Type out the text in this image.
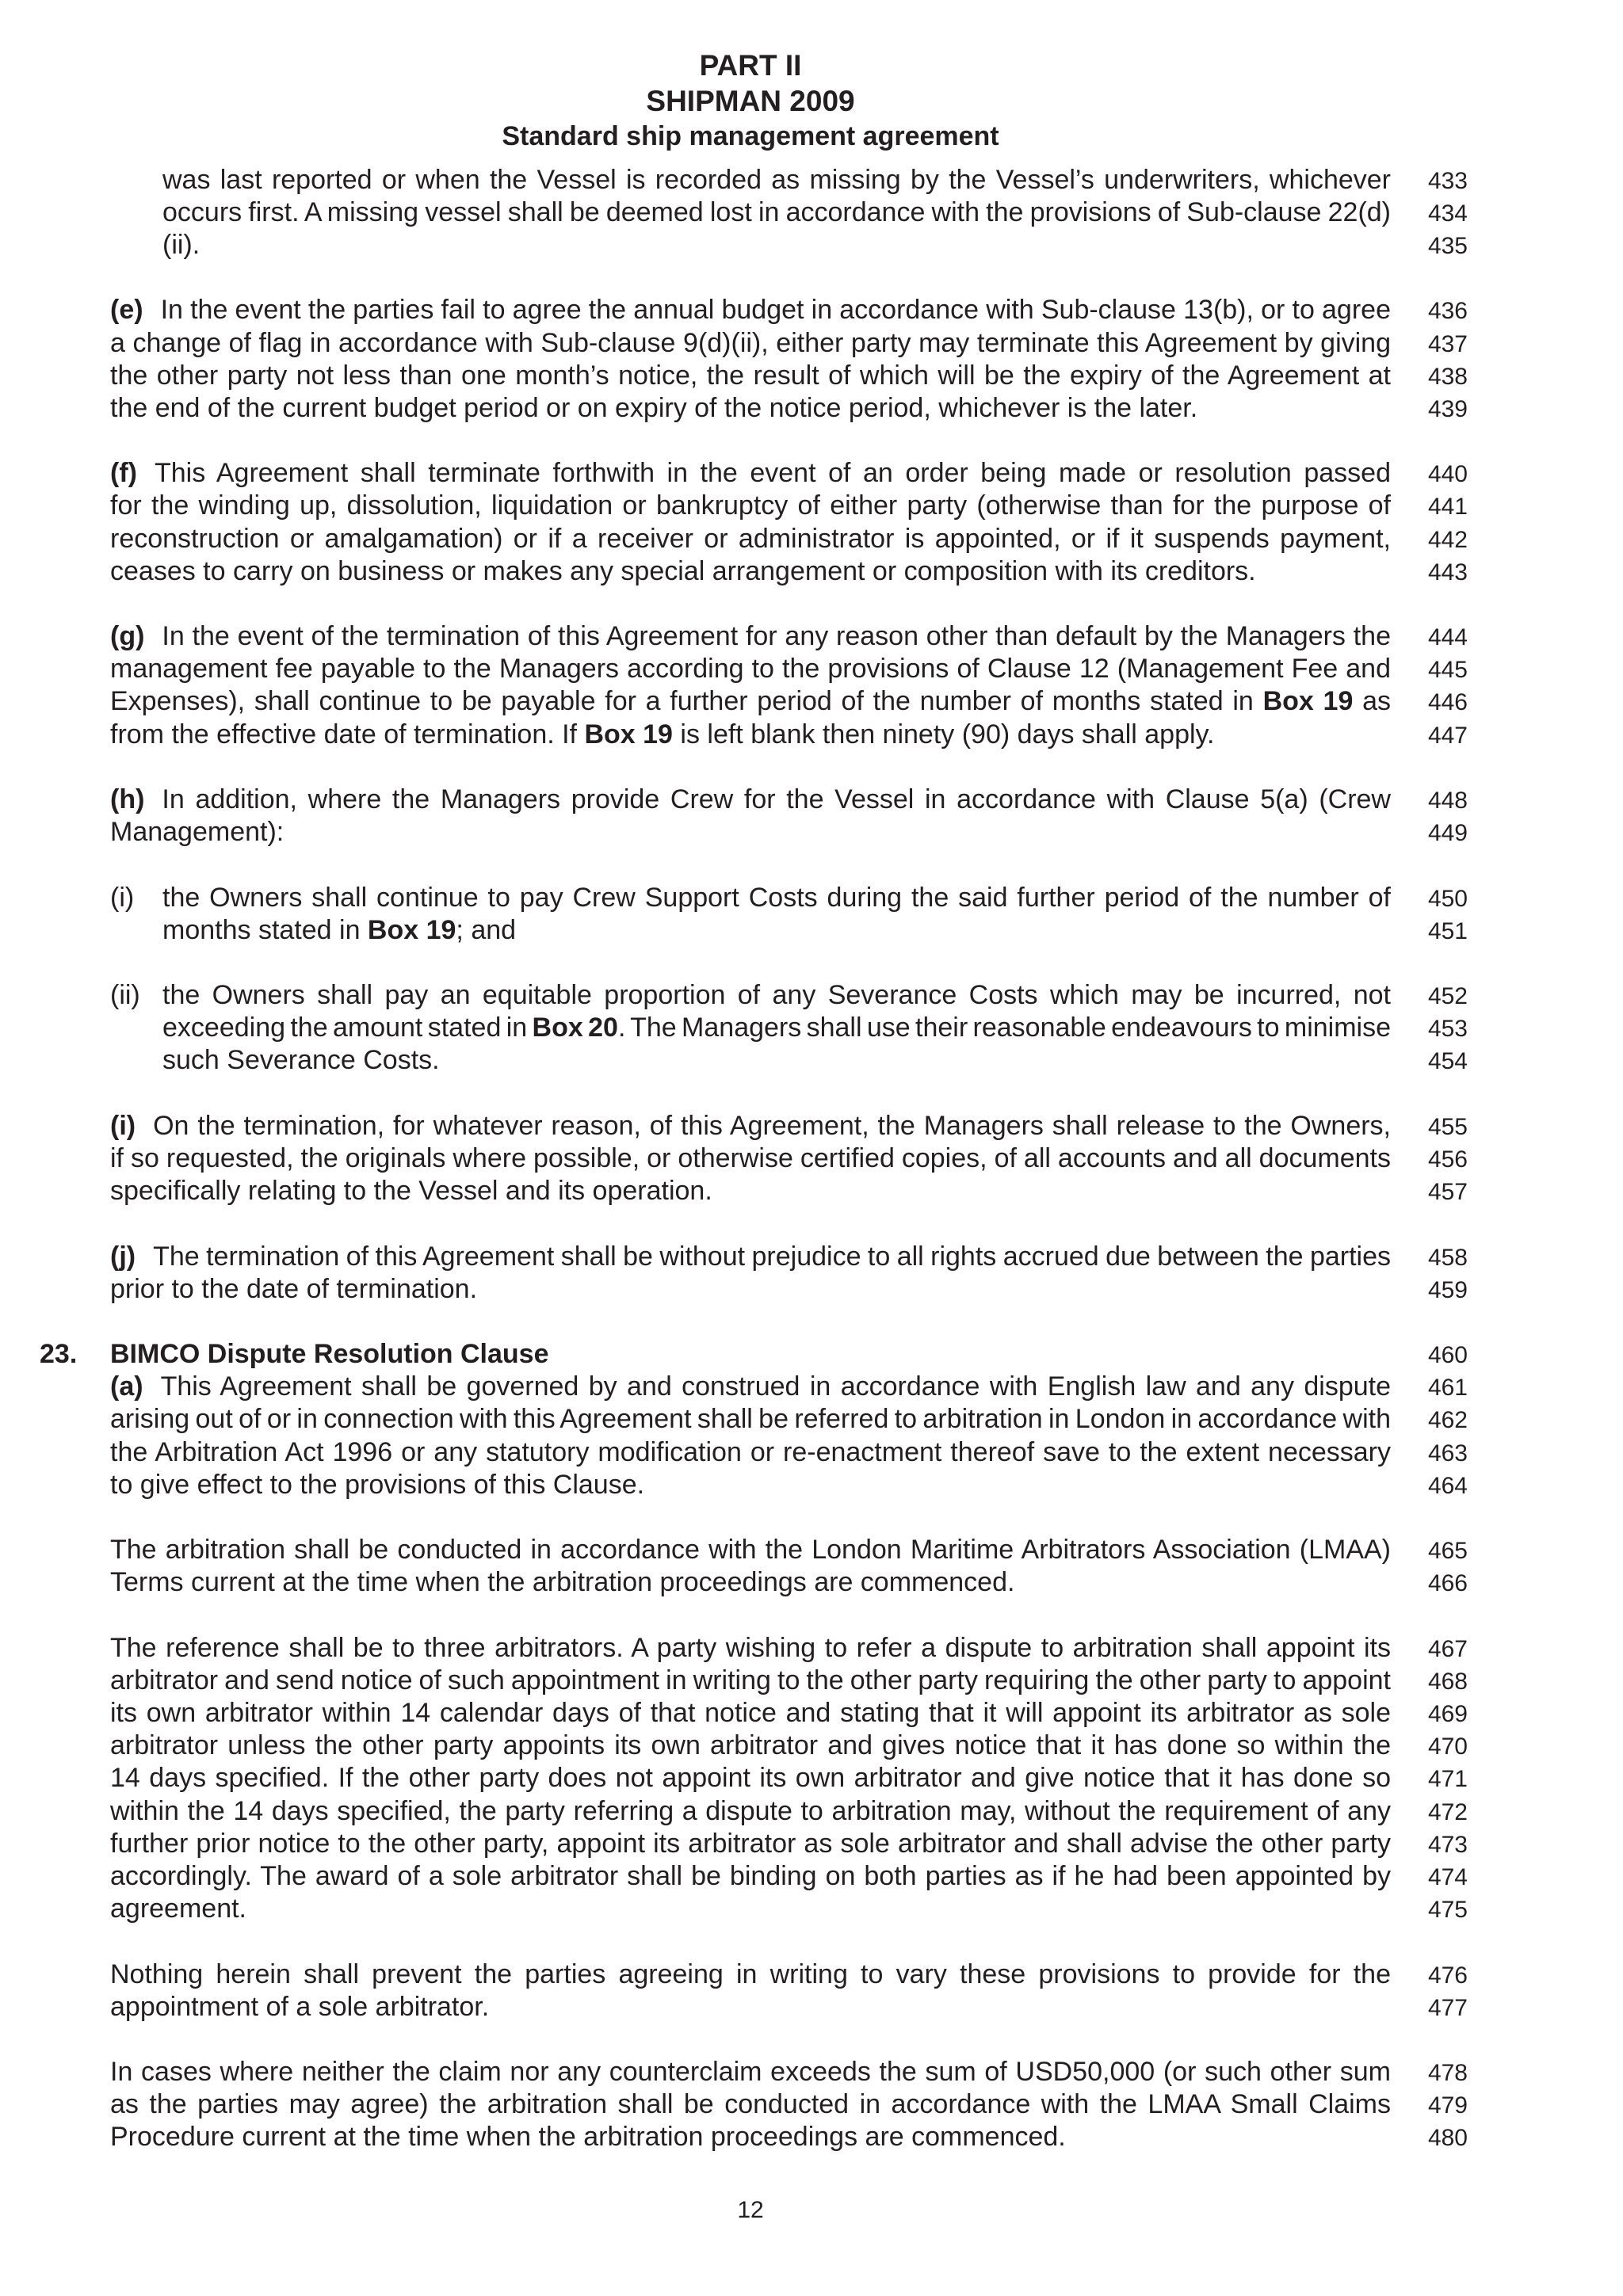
PART II
SHIPMAN 2009
Standard ship management agreement
433
was last reported or when the Vessel is recorded as missing by the Vessel’s underwriters, whichever
434
occurs first. A missing vessel shall be deemed lost in accordance with the provisions of Sub-clause 22(d)
435
(ii).
436
(e) In the event the parties fail to agree the annual budget in accordance with Sub-clause 13(b), or to agree
437
a change of flag in accordance with Sub-clause 9(d)(ii), either party may terminate this Agreement by giving
438
the other party not less than one month’s notice, the result of which will be the expiry of the Agreement at
439
the end of the current budget period or on expiry of the notice period, whichever is the later.
440
(f) This Agreement shall terminate forthwith in the event of an order being made or resolution passed
441
for the winding up, dissolution, liquidation or bankruptcy of either party (otherwise than for the purpose of
442
reconstruction or amalgamation) or if a receiver or administrator is appointed, or if it suspends payment,
443
ceases to carry on business or makes any special arrangement or composition with its creditors.
444
(g) In the event of the termination of this Agreement for any reason other than default by the Managers the
445
management fee payable to the Managers according to the provisions of Clause 12 (Management Fee and
446
Expenses), shall continue to be payable for a further period of the number of months stated in Box 19 as
447
from the effective date of termination. If Box 19 is left blank then ninety (90) days shall apply.
448
(h) In addition, where the Managers provide Crew for the Vessel in accordance with Clause 5(a) (Crew
449
Management):
450
the Owners shall continue to pay Crew Support Costs during the said further period of the number of
(i)
451
months stated in Box 19; and
452
the Owners shall pay an equitable proportion of any Severance Costs which may be incurred, not
(ii)
453
exceeding the amount stated in Box 20. The Managers shall use their reasonable endeavours to minimise
454
such Severance Costs.
455
(i) On the termination, for whatever reason, of this Agreement, the Managers shall release to the Owners,
456
if so requested, the originals where possible, or otherwise certified copies, of all accounts and all documents
457
specifically relating to the Vessel and its operation.
458
(j) The termination of this Agreement shall be without prejudice to all rights accrued due between the parties
459
prior to the date of termination.
460
23. BIMCO Dispute Resolution Clause
461
(a) This Agreement shall be governed by and construed in accordance with English law and any dispute
462
arising out of or in connection with this Agreement shall be referred to arbitration in London in accordance with
463
the Arbitration Act 1996 or any statutory modification or re-enactment thereof save to the extent necessary
464
to give effect to the provisions of this Clause.
465
The arbitration shall be conducted in accordance with the London Maritime Arbitrators Association (LMAA)
466
Terms current at the time when the arbitration proceedings are commenced.
467
The reference shall be to three arbitrators. A party wishing to refer a dispute to arbitration shall appoint its
468
arbitrator and send notice of such appointment in writing to the other party requiring the other party to appoint
469
its own arbitrator within 14 calendar days of that notice and stating that it will appoint its arbitrator as sole
470
arbitrator unless the other party appoints its own arbitrator and gives notice that it has done so within the
471
14 days specified. If the other party does not appoint its own arbitrator and give notice that it has done so
472
within the 14 days specified, the party referring a dispute to arbitration may, without the requirement of any
473
further prior notice to the other party, appoint its arbitrator as sole arbitrator and shall advise the other party
474
accordingly. The award of a sole arbitrator shall be binding on both parties as if he had been appointed by
475
agreement.
476
Nothing herein shall prevent the parties agreeing in writing to vary these provisions to provide for the
477
appointment of a sole arbitrator.
478
In cases where neither the claim nor any counterclaim exceeds the sum of USD50,000 (or such other sum
479
as the parties may agree) the arbitration shall be conducted in accordance with the LMAA Small Claims
480
Procedure current at the time when the arbitration proceedings are commenced.
12
